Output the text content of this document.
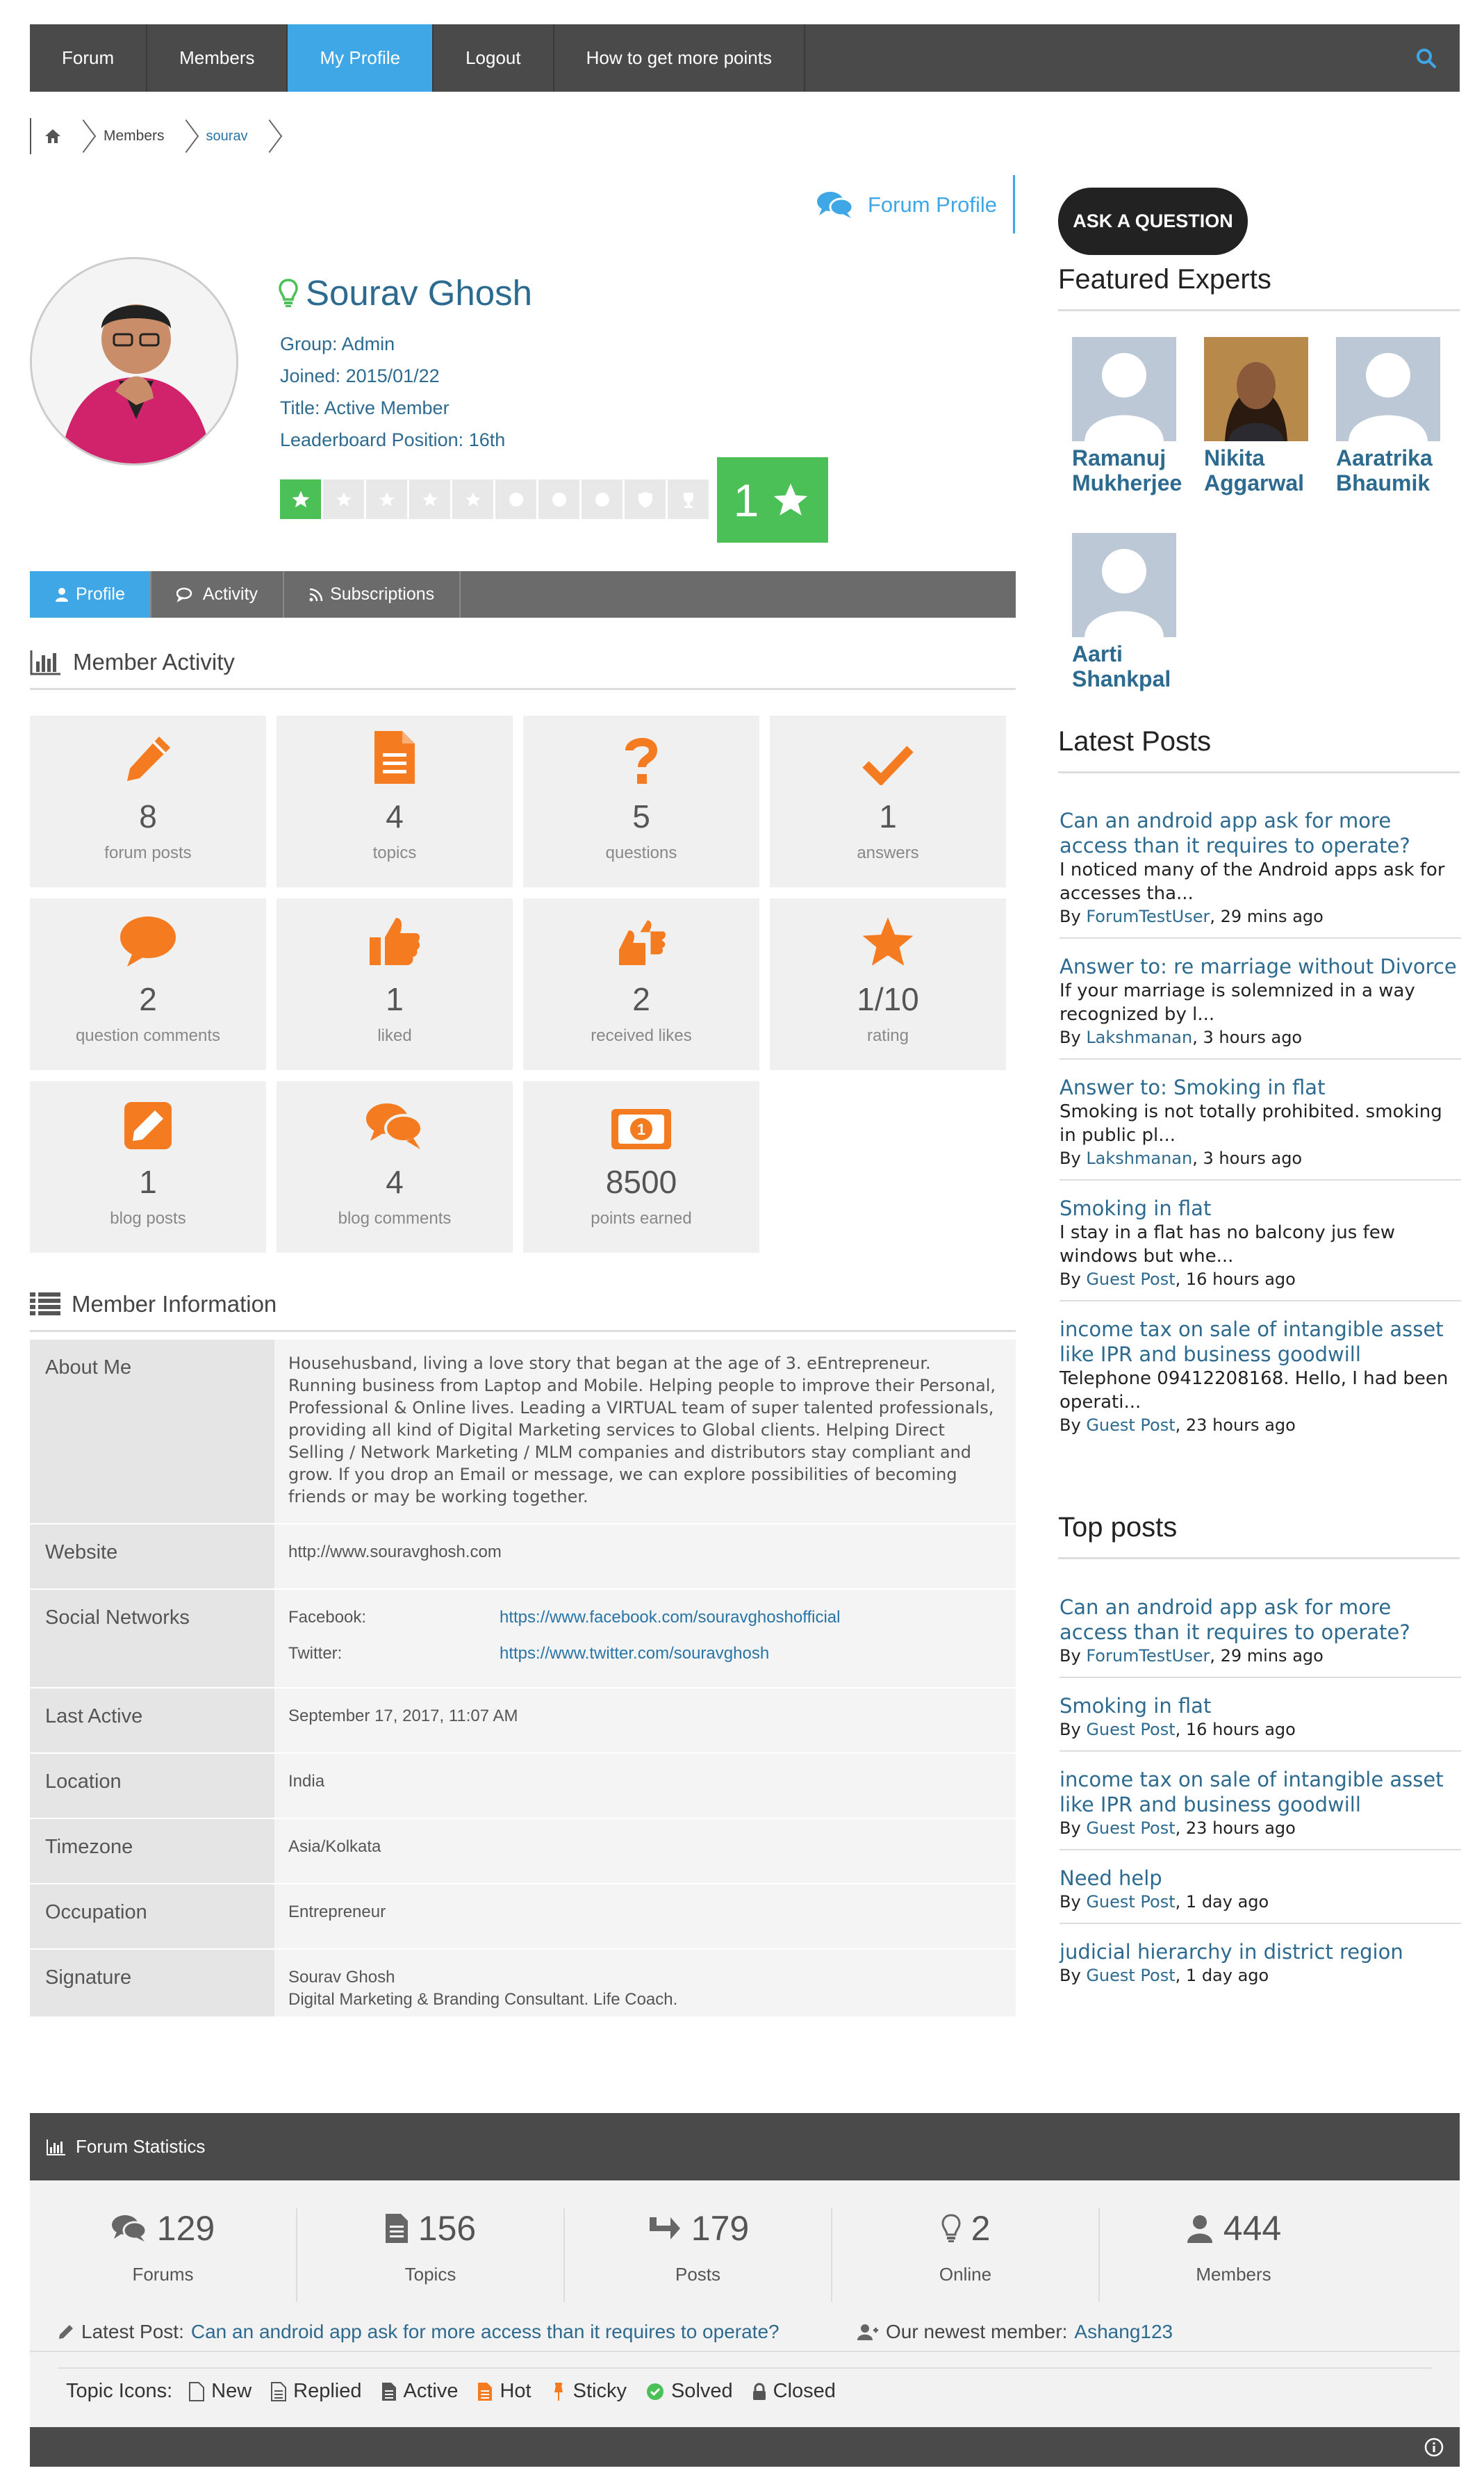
Forum	Members	My Profile	Logout	How to get more points
Members	sourav
Forum Profile
Sourav Ghosh
Group: Admin
Joined: 2015/01/22
Title: Active Member
Leaderboard Position: 16th
1
Profile	Activity	Subscriptions
Member Activity
8
forum posts
4
topics
5
questions
1
answers
2
question comments
1
liked
2
received likes
1/10
rating
1
blog posts
4
blog comments
1
8500
points earned
Member Information
About Me	Househusband, living a love story that began at the age of 3. eEntrepreneur. Running business from Laptop and Mobile. Helping people to improve their Personal, Professional & Online lives. Leading a VIRTUAL team of super talented professionals, providing all kind of Digital Marketing services to Global clients. Helping Direct Selling / Network Marketing / MLM companies and distributors stay compliant and grow. If you drop an Email or message, we can explore possibilities of becoming friends or may be working together.
Website	http://www.souravghosh.com
Social Networks	Facebook:	https://www.facebook.com/souravghoshofficial
Twitter:	https://www.twitter.com/souravghosh
Last Active	September 17, 2017, 11:07 AM
Location	India
Timezone	Asia/Kolkata
Occupation	Entrepreneur
Signature	Sourav Ghosh
Digital Marketing & Branding Consultant. Life Coach.
ASK A QUESTION
Featured Experts
Ramanuj
Mukherjee
Nikita
Aggarwal
Aaratrika
Bhaumik
Aarti
Shankpal
Latest Posts
Can an android app ask for more access than it requires to operate?
I noticed many of the Android apps ask for accesses tha...
By ForumTestUser, 29 mins ago
Answer to: re marriage without Divorce
If your marriage is solemnized in a way recognized by l...
By Lakshmanan, 3 hours ago
Answer to: Smoking in flat
Smoking is not totally prohibited. smoking in public pl...
By Lakshmanan, 3 hours ago
Smoking in flat
I stay in a flat has no balcony jus few windows but whe...
By Guest Post, 16 hours ago
income tax on sale of intangible asset like IPR and business goodwill
Telephone 09412208168. Hello, I had been operati...
By Guest Post, 23 hours ago
Top posts
Can an android app ask for more access than it requires to operate?
By ForumTestUser, 29 mins ago
Smoking in flat
By Guest Post, 16 hours ago
income tax on sale of intangible asset like IPR and business goodwill
By Guest Post, 23 hours ago
Need help
By Guest Post, 1 day ago
judicial hierarchy in district region
By Guest Post, 1 day ago
Forum Statistics
129
Forums
156
Topics
179
Posts
2
Online
444
Members
Latest Post: Can an android app ask for more access than it requires to operate?	Our newest member: Ashang123
Topic Icons: New Replied Active Hot Sticky Solved Closed
